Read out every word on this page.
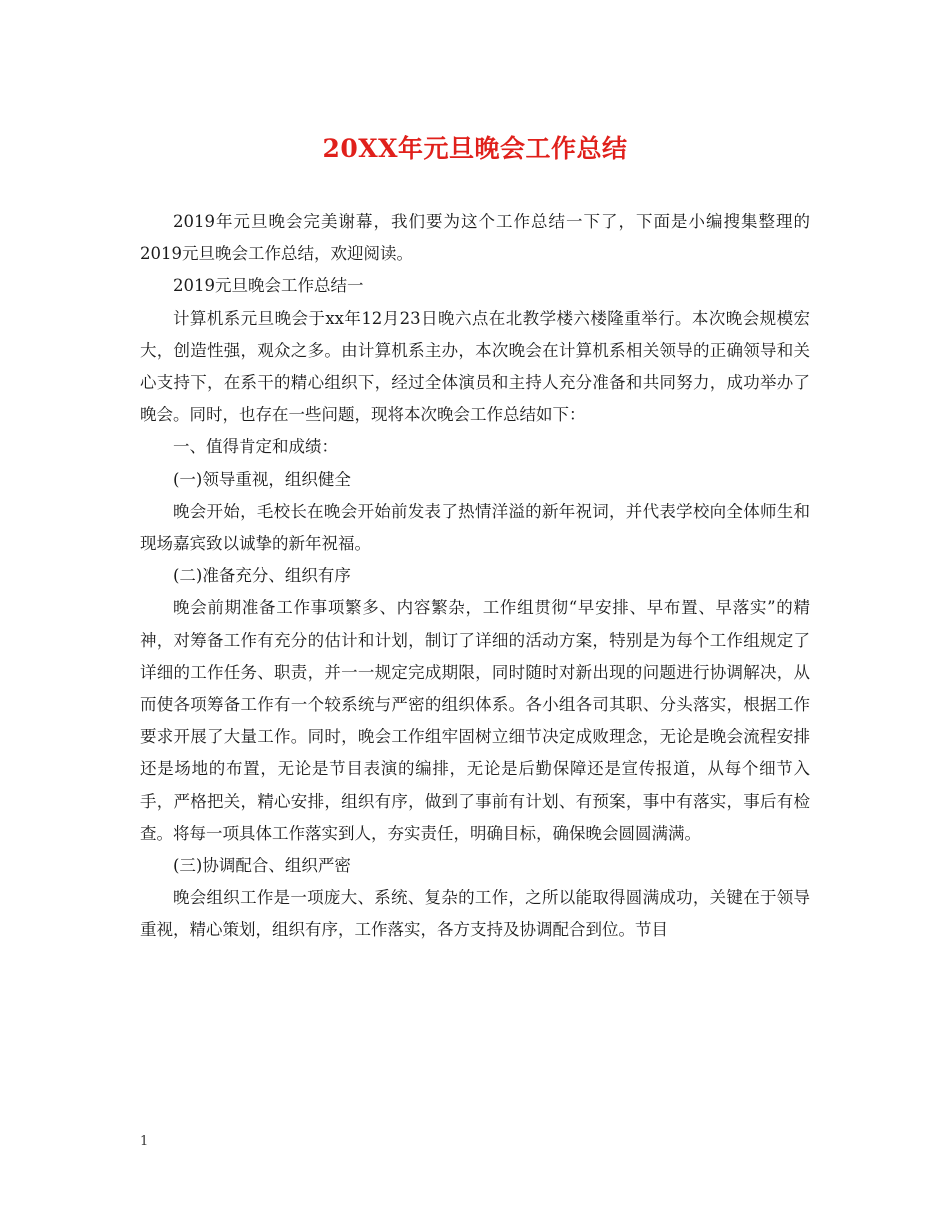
20XX年元旦晚会工作总结

2019年元旦晚会完美谢幕，我们要为这个工作总结一下了，下面是小编搜集整理的2019元旦晚会工作总结，欢迎阅读。

2019元旦晚会工作总结一

计算机系元旦晚会于xx年12月23日晚六点在北教学楼六楼隆重举行。本次晚会规模宏大，创造性强，观众之多。由计算机系主办，本次晚会在计算机系相关领导的正确领导和关心支持下，在系干的精心组织下，经过全体演员和主持人充分准备和共同努力，成功举办了晚会。同时，也存在一些问题，现将本次晚会工作总结如下：

一、值得肯定和成绩：

(一)领导重视，组织健全

晚会开始，毛校长在晚会开始前发表了热情洋溢的新年祝词，并代表学校向全体师生和现场嘉宾致以诚挚的新年祝福。

(二)准备充分、组织有序

晚会前期准备工作事项繁多、内容繁杂，工作组贯彻“早安排、早布置、早落实”的精神，对筹备工作有充分的估计和计划，制订了详细的活动方案，特别是为每个工作组规定了详细的工作任务、职责，并一一规定完成期限，同时随时对新出现的问题进行协调解决，从而使各项筹备工作有一个较系统与严密的组织体系。各小组各司其职、分头落实，根据工作要求开展了大量工作。同时，晚会工作组牢固树立细节决定成败理念，无论是晚会流程安排还是场地的布置，无论是节目表演的编排，无论是后勤保障还是宣传报道，从每个细节入手，严格把关，精心安排，组织有序，做到了事前有计划、有预案，事中有落实，事后有检查。将每一项具体工作落实到人，夯实责任，明确目标，确保晚会圆圆满满。

(三)协调配合、组织严密

晚会组织工作是一项庞大、系统、复杂的工作，之所以能取得圆满成功，关键在于领导重视，精心策划，组织有序，工作落实，各方支持及协调配合到位。节目

1
